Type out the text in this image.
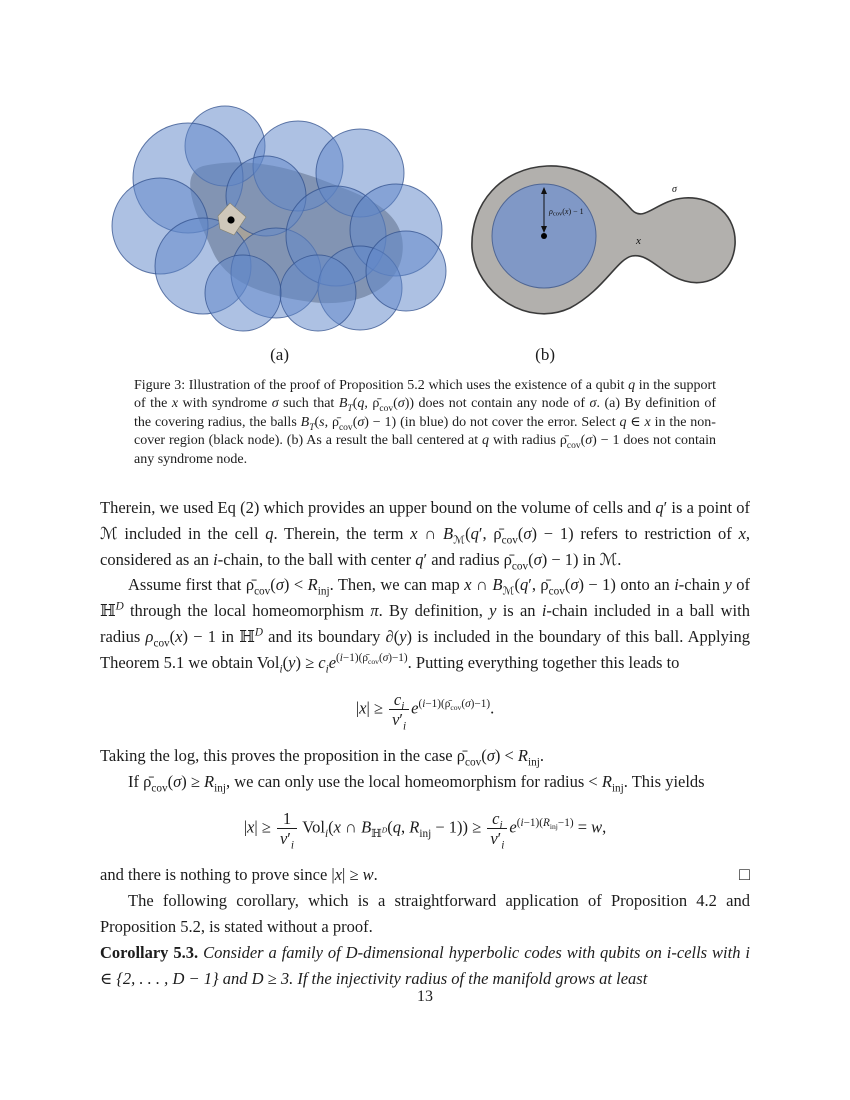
ρcov(x) − 1
x
σ
(a)	(b)
Figure 3: Illustration of the proof of Proposition 5.2 which uses the existence of a qubit q in the support of the x with syndrome σ such that $B_T(q$, $\rhō_{cov}(\sigma)$) does not contain any node of σ. (a) By definition of the covering radius, the balls $B_T(s$, $\rhō_{cov}(\sigma) - 1$) (in blue) do not cover the error. Select q ∈ x in the non-cover region (black node). (b) As a result the ball centered at q with radius $\rhō_{cov}(\sigma) - 1$ does not contain any syndrome node.

Therein, we used Eq (2) which provides an upper bound on the volume of cells and q′ is a point of ℳ included in the cell q. Therein, the term x ∩ $B_ℳ(q'$, $\rhō_{cov}(\sigma) - 1$) refers to restriction of x, considered as an i-chain, to the ball with center q′ and radius $\rhō_{cov}(\sigma) - 1$) in ℳ.

Assume first that $\rhō_{cov}(\sigma) < R_{inj}$. Then, we can map x ∩ $B_ℳ(q'$, $\rhō_{cov}(\sigma) - 1$) onto an i-chain y of ℍ$^D$ through the local homeomorphism π. By definition, y is an i-chain included in a ball with radius $\rho_{cov}(x) - 1$ in ℍ$^D$ and its boundary ∂(y) is included in the boundary of this ball. Applying Theorem 5.1 we obtain $Vol_i(y) \ge c_ie^{(i-1)(\rhō_{cov}(\sigma)-1)}$. Putting everything together this leads to

$|x| \ge \frac{c_i}{v'_i} e^{(i-1)(\rhō_{cov}(\sigma)-1)}$.

Taking the log, this proves the proposition in the case $\rhō_{cov}(\sigma) < R_{inj}$.

If $\rhō_{cov}(\sigma) \ge R_{inj}$, we can only use the local homeomorphism for radius < $R_{inj}$. This yields

$|x| \ge \frac{1}{v'_i} Vol_i(x$ ∩ $B_{ℍ^D}(q$, $R_{inj} - 1)) \ge \frac{c_i}{v'_i} e^{(i-1)(R_{inj}-1)} = w$,

□
and there is nothing to prove since |x| ≥ w.

The following corollary, which is a straightforward application of Proposition 4.2 and Proposition 5.2, is stated without a proof.

Corollary 5.3. Consider a family of D-dimensional hyperbolic codes with qubits on i-cells with i ∈ {2, . . . , D − 1} and D ≥ 3. If the injectivity radius of the manifold grows at least

13
